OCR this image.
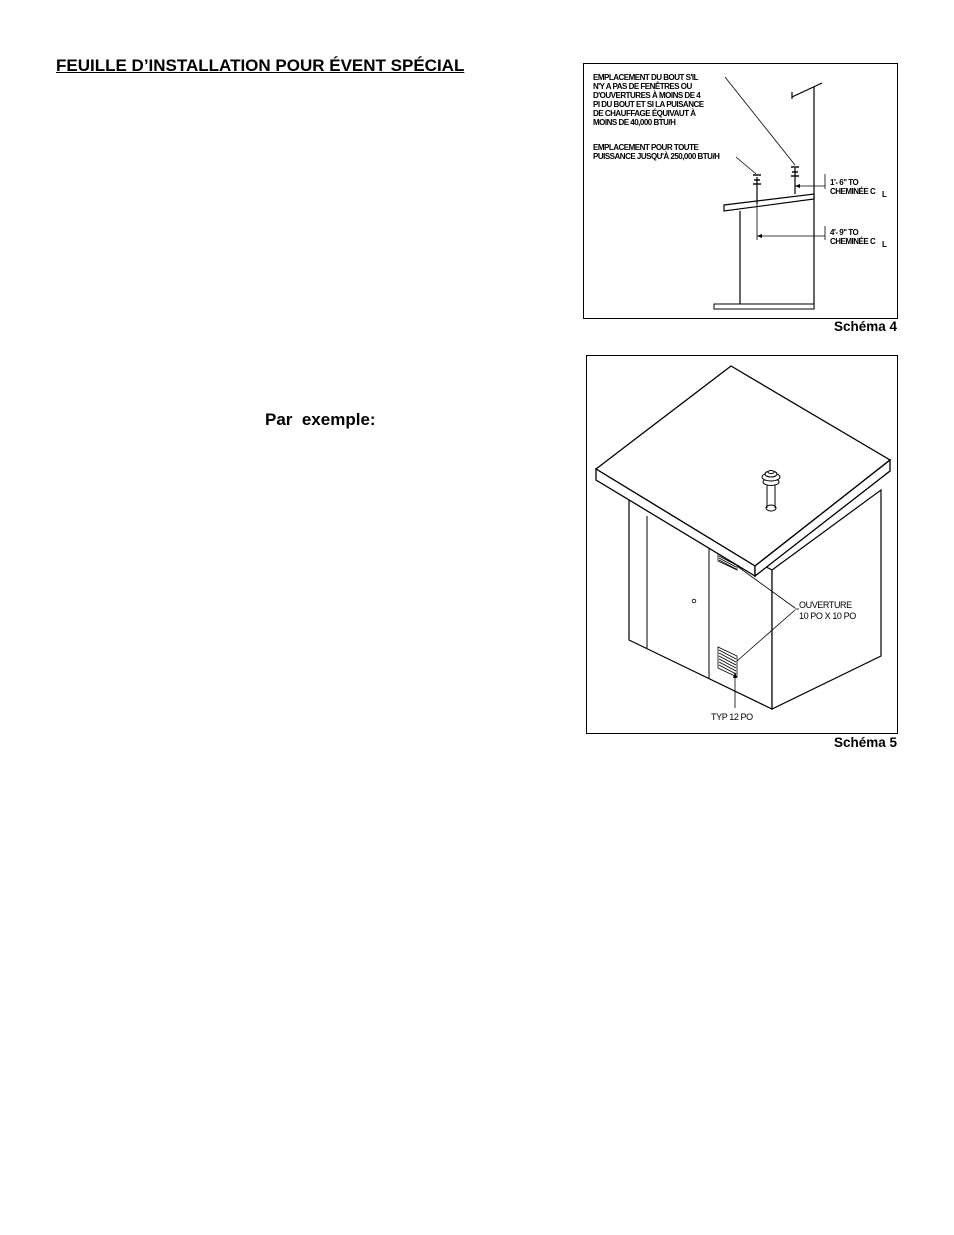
FEUILLE D’INSTALLATION POUR ÉVENT SPÉCIAL
Par  exemple:
EMPLACEMENT DU BOUT S'IL N'Y A PAS DE FENÊTRES OU D'OUVERTURES À MOINS DE 4 PI DU BOUT ET SI LA PUISANCE DE CHAUFFAGE ÉQUIVAUT À MOINS DE 40,000 BTU/H
EMPLACEMENT POUR TOUTE PUISSANCE JUSQU'À 250,000 BTU/H
1'- 6" TO CHEMINÉE C L
4'- 9" TO CHEMINÉE C L
Schéma 4
OUVERTURE 10 PO X 10 PO
TYP 12 PO
Schéma 5
